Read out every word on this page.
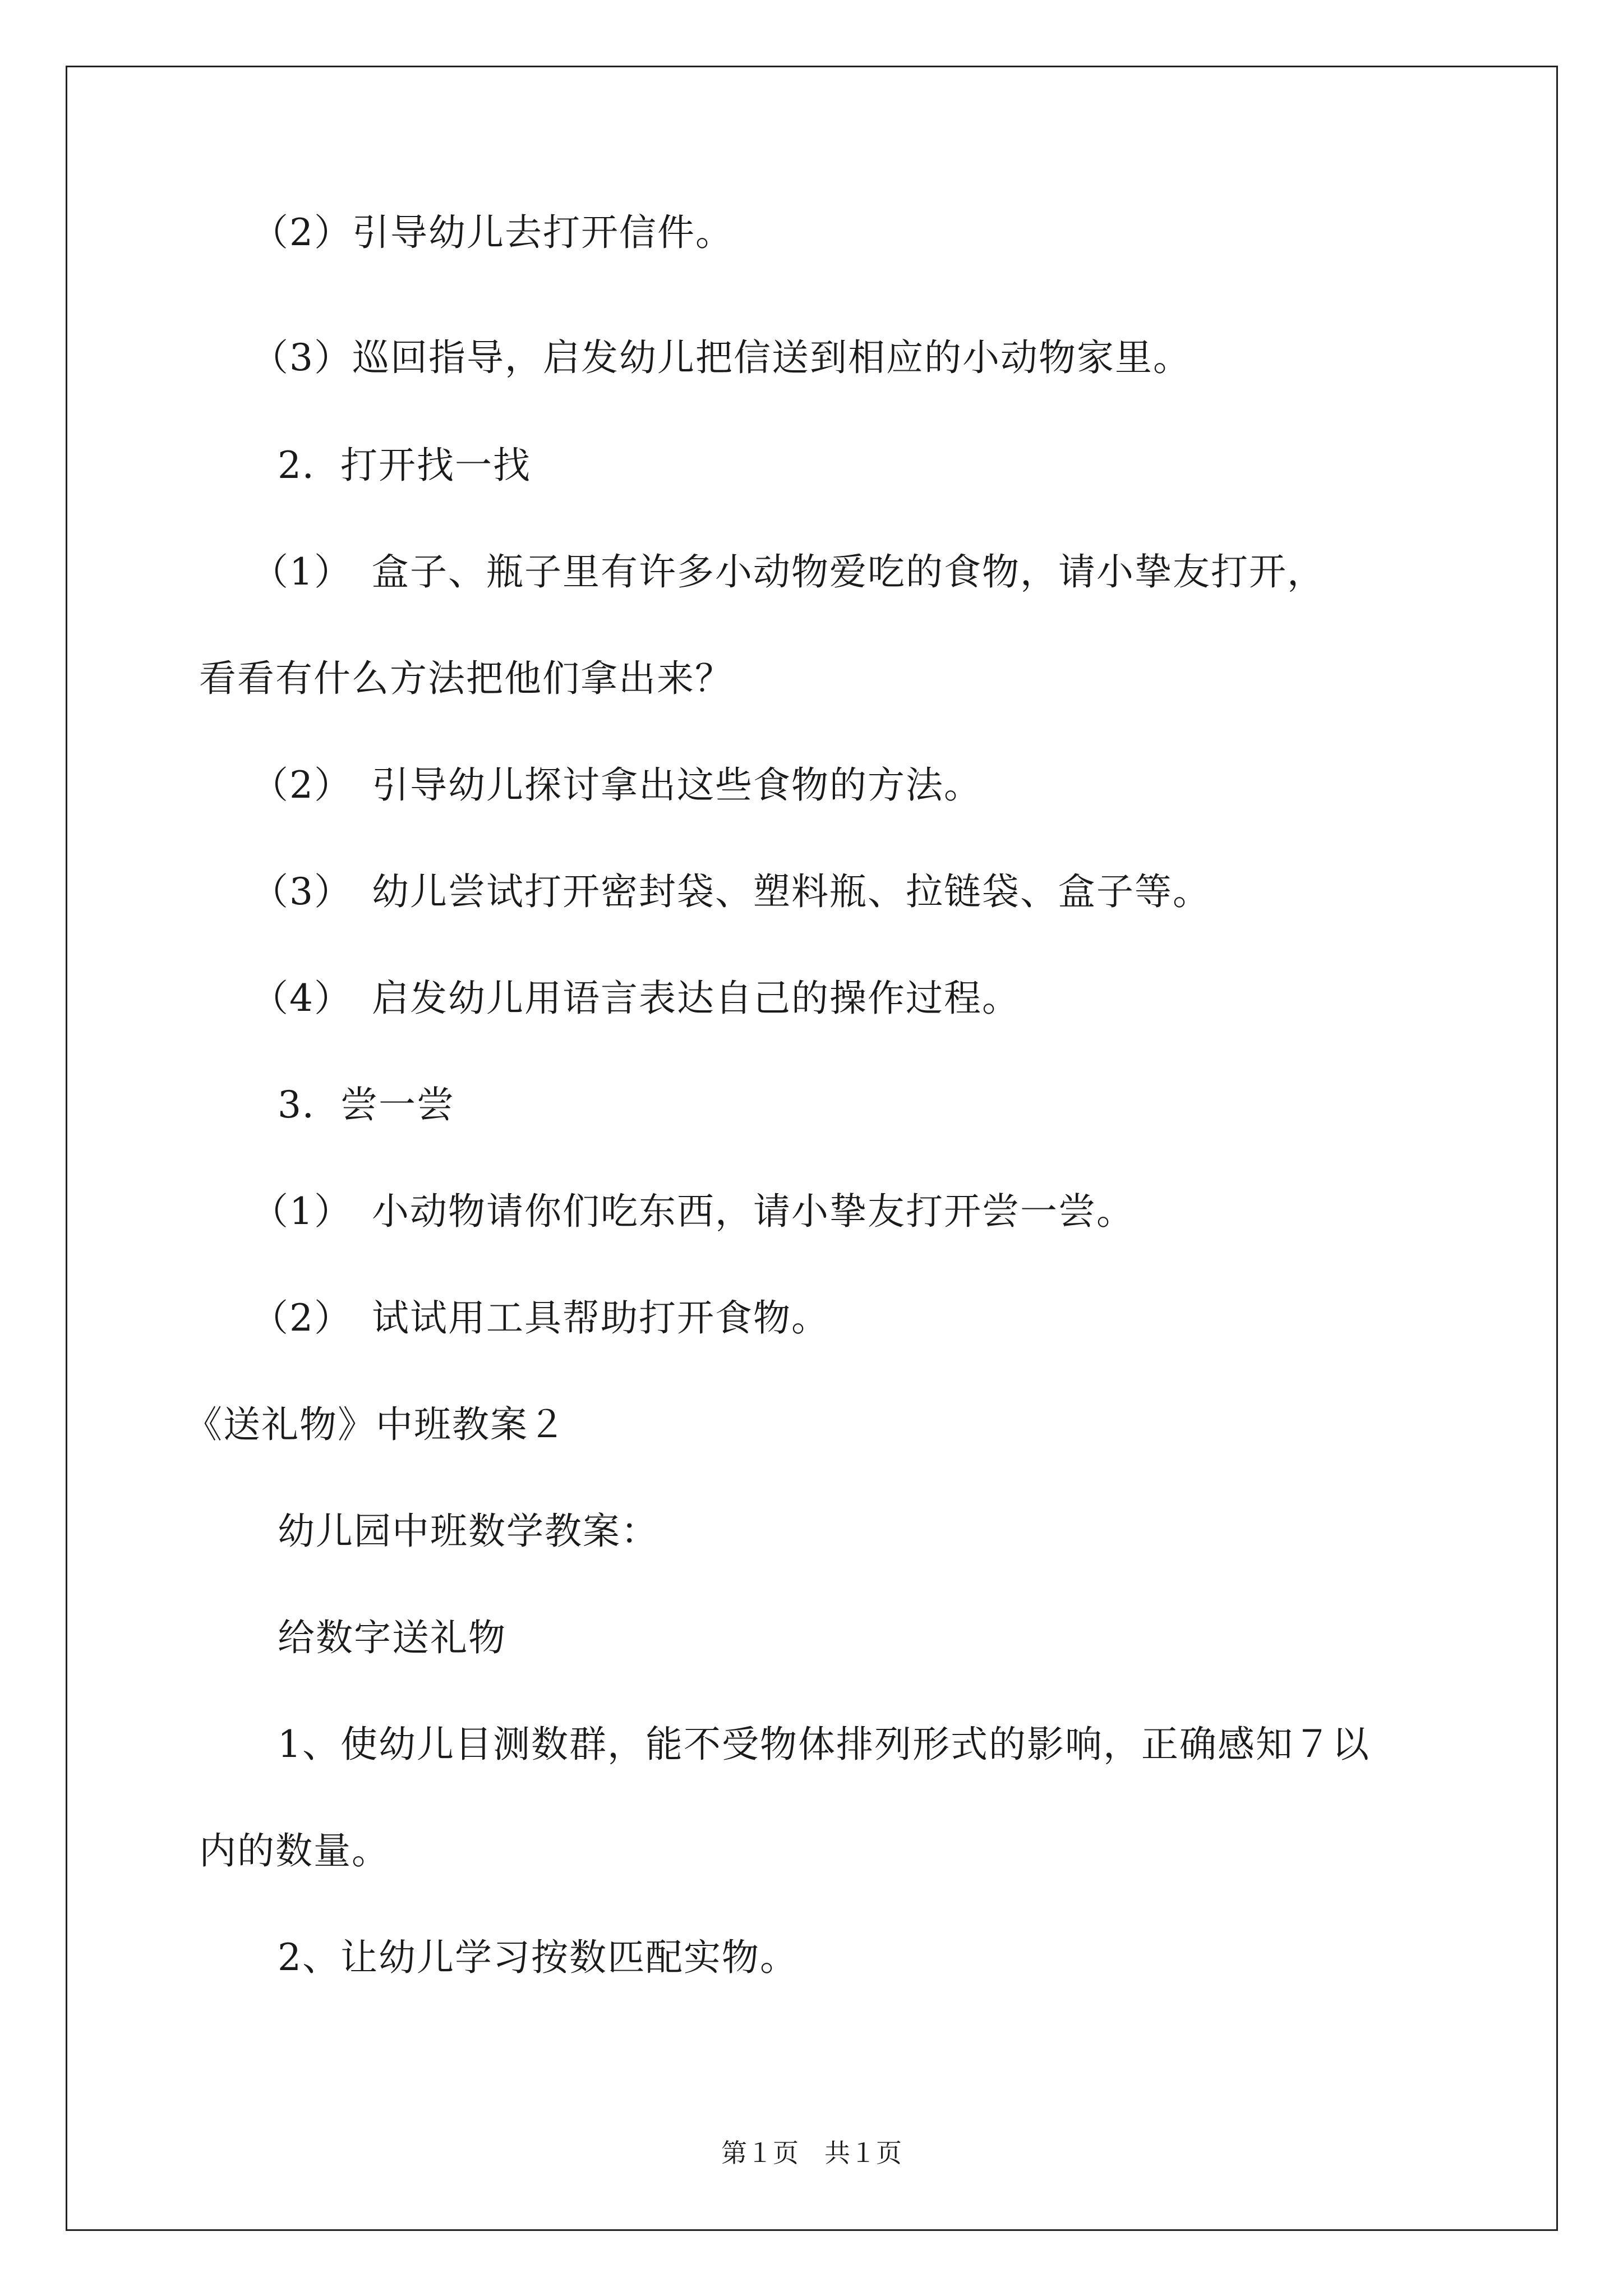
（2）引导幼儿去打开信件。
（3）巡回指导，启发幼儿把信送到相应的小动物家里。
2．打开找一找
（1）　盒子、瓶子里有许多小动物爱吃的食物，请小挚友打开，
看看有什么方法把他们拿出来？
（2）　引导幼儿探讨拿出这些食物的方法。
（3）　幼儿尝试打开密封袋、塑料瓶、拉链袋、盒子等。
（4）　启发幼儿用语言表达自己的操作过程。
3．尝一尝
（1）　小动物请你们吃东西，请小挚友打开尝一尝。
（2）　试试用工具帮助打开食物。
《送礼物》中班教案２
幼儿园中班数学教案：
给数字送礼物
1、使幼儿目测数群，能不受物体排列形式的影响，正确感知７以
内的数量。
2、让幼儿学习按数匹配实物。
第１页　共１页
